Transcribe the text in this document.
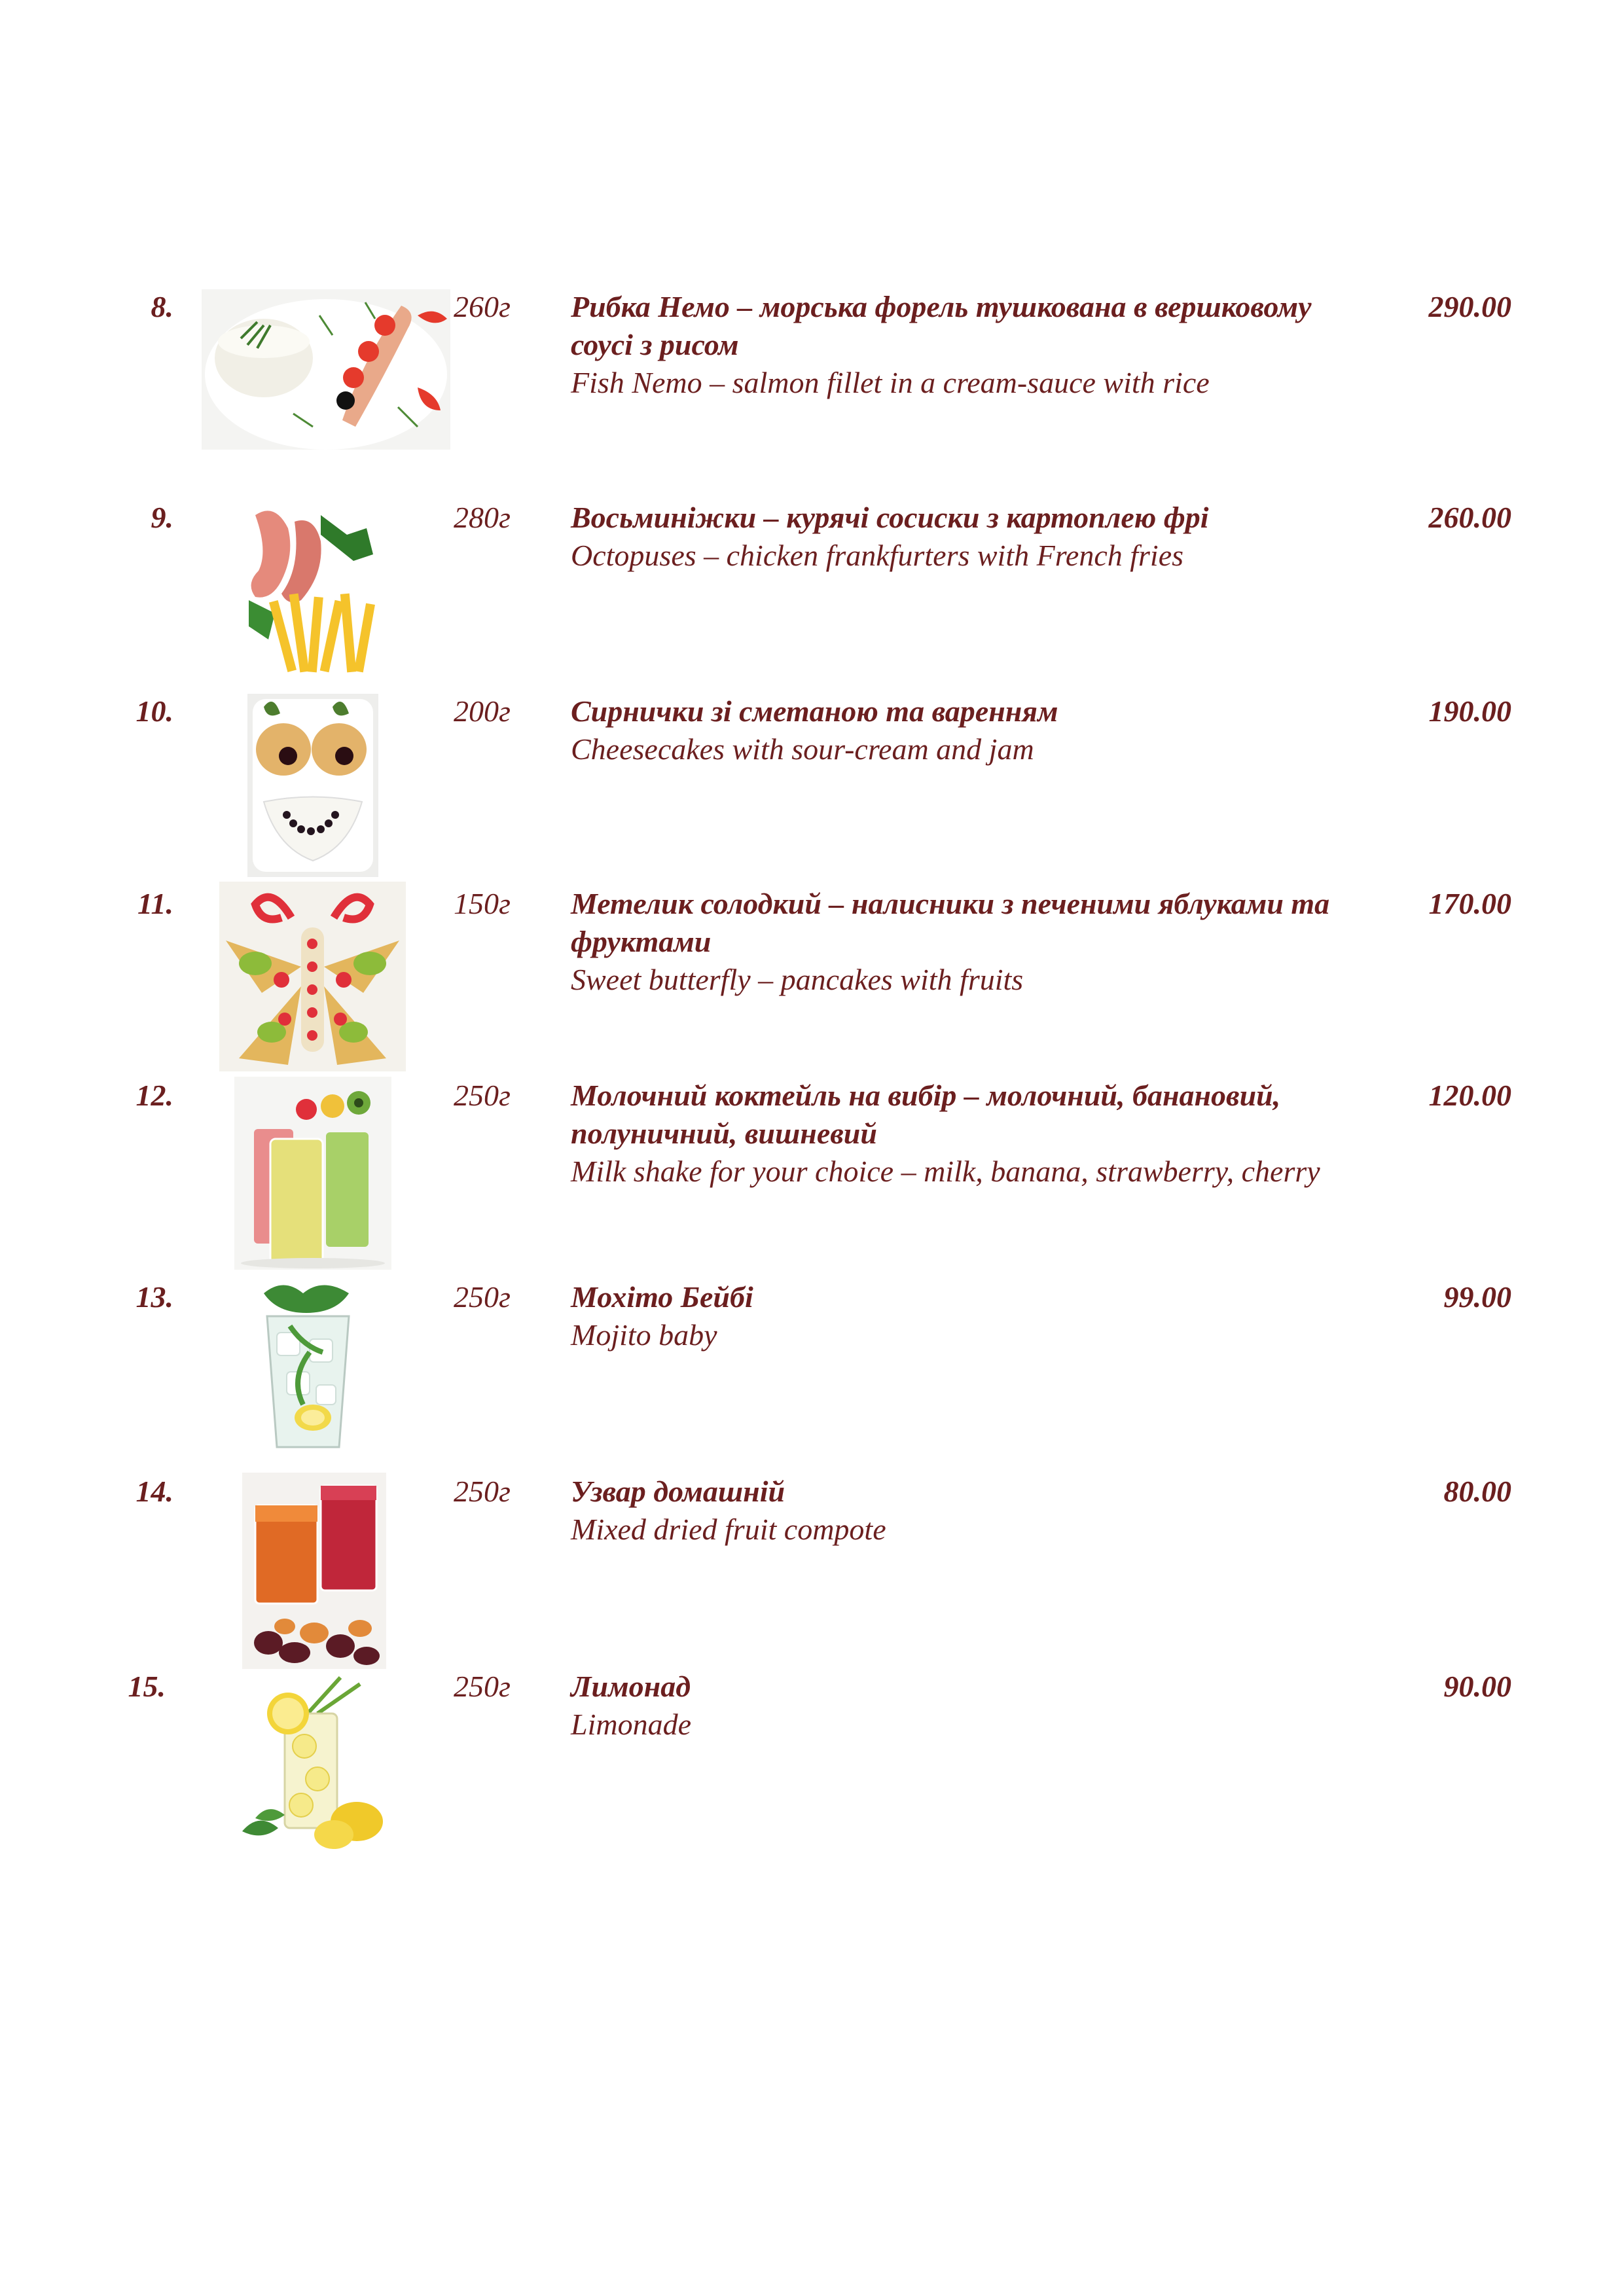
8.	260г Рибка Немо – морська форель тушкована в вершковому соусі з рисом
Fish Nemo – salmon fillet in a cream-sauce with rice
290.00
9.	280г Восьминіжки – курячі сосиски з картоплею фрі
Octopuses – chicken frankfurters with French fries
260.00
10.	200г Сирнички зі сметаною та варенням
Cheesecakes with sour-cream and jam
190.00
11.	150г Метелик солодкий – налисники з печеними яблуками та фруктами
Sweet butterfly – pancakes with fruits
170.00
12.	250г Молочний коктейль на вибір – молочний, банановий, полуничний, вишневий
Milk shake for your choice – milk, banana, strawberry, cherry
120.00
13.	250г Мохіто Бейбі
Mojito baby
99.00
14.	250г Узвар домашній
Mixed dried fruit compote
80.00
15.	250г Лимонад
Limonade
90.00
